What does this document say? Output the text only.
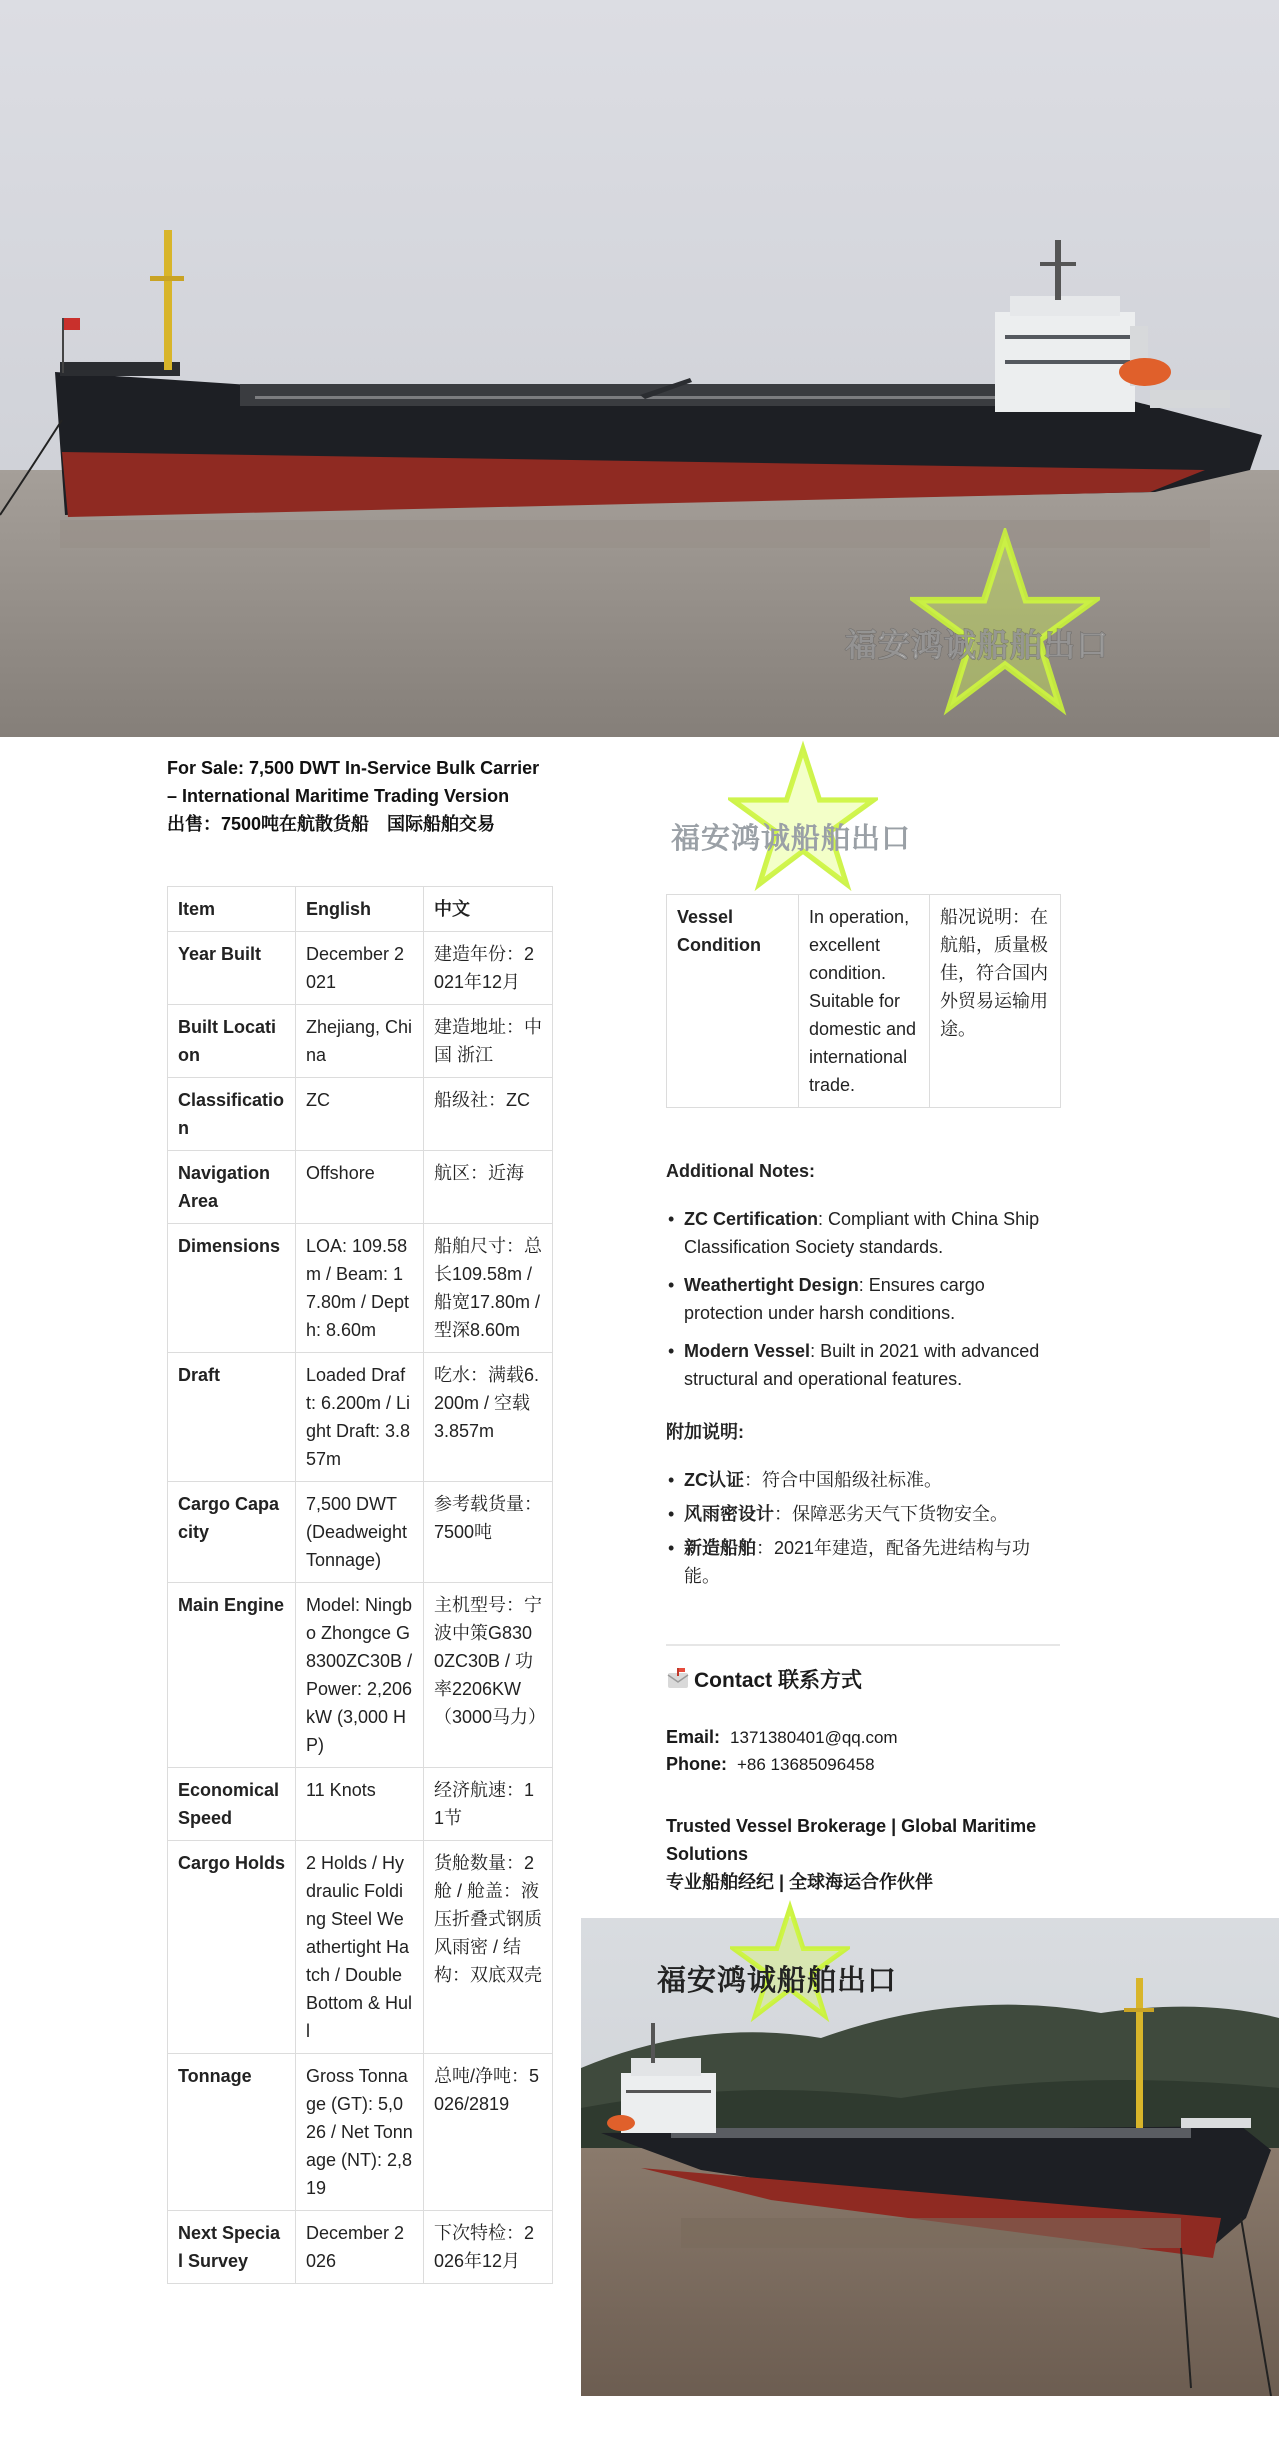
福安鸿诚船舶出口
For Sale: 7,500 DWT In-Service Bulk Carrier
– International Maritime Trading Version
出售：7500吨在航散货船　国际船舶交易	福安鸿诚船舶出口
Item	English	中文
Year Built	December 2021	建造年份：2021年12月
Built Location	Zhejiang, China	建造地址：中国 浙江
Classification	ZC	船级社：ZC
Navigation Area	Offshore	航区：近海
Dimensions	LOA: 109.58m / Beam: 17.80m / Depth: 8.60m	船舶尺寸：总长109.58m / 船宽17.80m / 型深8.60m
Draft	Loaded Draft: 6.200m / Light Draft: 3.857m	吃水：满载6.200m / 空载3.857m
Cargo Capacity	7,500 DWT (Deadweight Tonnage)	参考载货量：7500吨
Main Engine	Model: Ningbo Zhongce G8300ZC30B / Power: 2,206 kW (3,000 HP)	主机型号：宁波中策G8300ZC30B / 功率2206KW（3000马力）
Economical Speed	11 Knots	经济航速：11节
Cargo Holds	2 Holds / Hydraulic Folding Steel Weathertight Hatch / Double Bottom & Hull	货舱数量：2舱 / 舱盖：液压折叠式钢质风雨密 / 结构：双底双壳
Tonnage	Gross Tonnage (GT): 5,026 / Net Tonnage (NT): 2,819	总吨/净吨：5026/2819
Next Special Survey	December 2026	下次特检：2026年12月
Vessel Condition	In operation, excellent condition. Suitable for domestic and international trade.	船况说明：在航船，质量极佳，符合国内外贸易运输用途。
Additional Notes:
• ZC Certification: Compliant with China Ship Classification Society standards.
• Weathertight Design: Ensures cargo protection under harsh conditions.
• Modern Vessel: Built in 2021 with advanced structural and operational features.
附加说明:
• ZC认证：符合中国船级社标准。
• 风雨密设计：保障恶劣天气下货物安全。
• 新造船舶：2021年建造，配备先进结构与功能。
Contact 联系方式
Email: 1371380401@qq.com
Phone: +86 13685096458
Trusted Vessel Brokerage | Global Maritime
Solutions
专业船舶经纪 | 全球海运合作伙伴
福安鸿诚船舶出口
